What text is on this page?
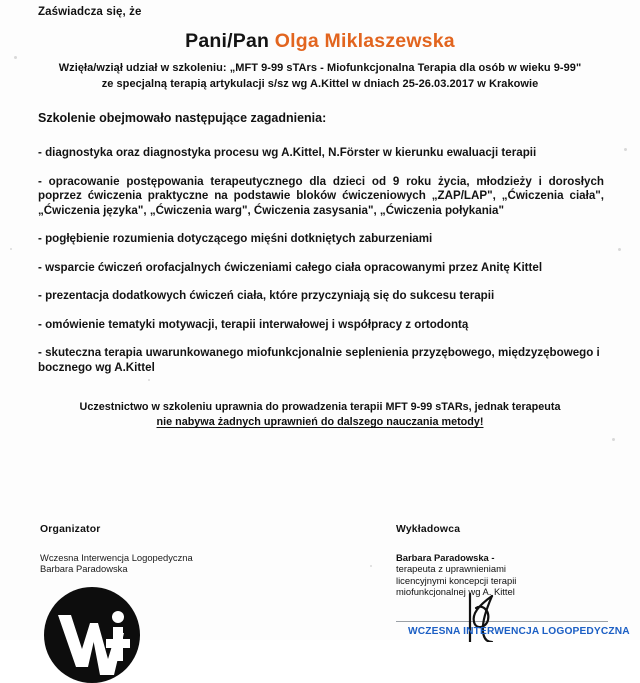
Zaświadcza się, że
Pani/Pan Olga Miklaszewska
Wzięła/wziął udział w szkoleniu: „MFT 9-99 sTArs - Miofunkcjonalna Terapia dla osób w wieku 9-99"
ze specjalną terapią artykulacji s/sz wg A.Kittel w dniach 25-26.03.2017 w Krakowie
Szkolenie obejmowało następujące zagadnienia:
- diagnostyka oraz diagnostyka procesu wg A.Kittel, N.Förster w kierunku ewaluacji terapii
- opracowanie postępowania terapeutycznego dla dzieci od 9 roku życia, młodzieży i dorosłych poprzez ćwiczenia praktyczne na podstawie bloków ćwiczeniowych „ZAP/LAP", „Ćwiczenia ciała", „Ćwiczenia języka", „Ćwiczenia warg", Ćwiczenia zasysania", „Ćwiczenia połykania"
- pogłębienie rozumienia dotyczącego mięśni dotkniętych zaburzeniami
- wsparcie ćwiczeń orofacjalnych ćwiczeniami całego ciała opracowanymi przez Anitę Kittel
- prezentacja dodatkowych ćwiczeń ciała, które przyczyniają się do sukcesu terapii
- omówienie tematyki motywacji, terapii interwałowej i współpracy z ortodontą
- skuteczna terapia uwarunkowanego miofunkcjonalnie seplenienia przyzębowego, międzyzębowego i bocznego wg A.Kittel
Uczestnictwo w szkoleniu uprawnia do prowadzenia terapii MFT 9-99 sTARs, jednak terapeuta
nie nabywa żadnych uprawnień do dalszego nauczania metody!
Organizator
Wczesna Interwencja Logopedyczna
Barbara Paradowska
Wykładowca
Barbara Paradowska -
terapeuta z uprawnieniami
licencyjnymi koncepcji terapii
miofunkcjonalnej wg A. Kittel
WCZESNA INTERWENCJA LOGOPEDYCZNA
